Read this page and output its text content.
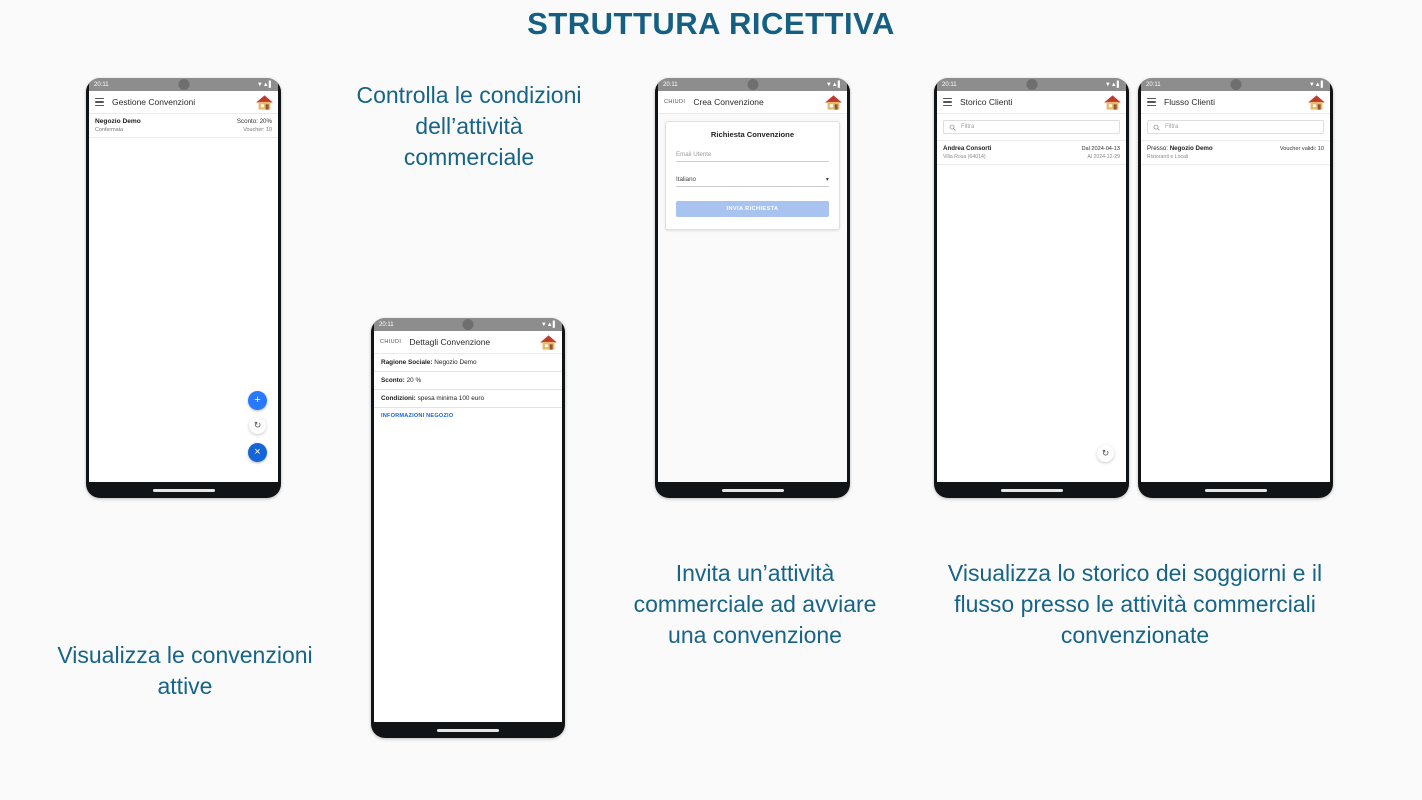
STRUTTURA RICETTIVA
20:11	▼▲▌
Gestione Convenzioni
Negozio Demo	Sconto: 20%
Confermata	Voucher: 10
+
↻
×
20:11	▼▲▌
CHIUDI Dettagli Convenzione
Ragione Sociale: Negozio Demo
Sconto: 20 %
Condizioni: spesa minima 100 euro
INFORMAZIONI NEGOZIO
20:11	▼▲▌
CHIUDI Crea Convenzione
Richiesta Convenzione
Email Utente
Italiano	▾
INVIA RICHIESTA
20:11	▼▲▌
Storico Clienti
Filtra
Andrea Consorti	Dal 2024-04-13
Villa Rosa (64014)	Al 2024-12-29
↻
20:11	▼▲▌
Flusso Clienti
Filtra
Presso: Negozio Demo	Voucher validi: 10
Ristoranti e Locali
Visualizza le convenzioni attive
Controlla le condizioni dell’attività commerciale
Invita un’attività commerciale ad avviare una convenzione
Visualizza lo storico dei soggiorni e il flusso presso le attività commerciali convenzionate
